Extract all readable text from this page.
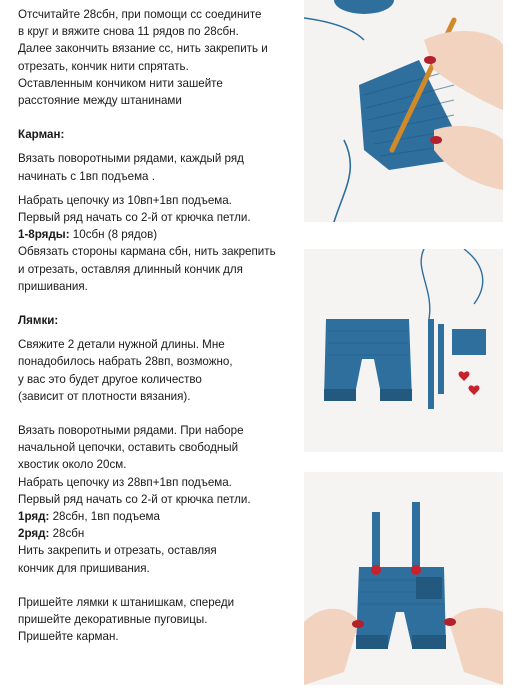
Отсчитайте 28сбн, при помощи сс соедините

в круг и вяжите снова 11 рядов по 28сбн.

Далее закончить вязание сс, нить закрепить и

отрезать, кончик нити спрятать.

Оставленным кончиком нити зашейте

расстояние между штанинами

Карман:

Вязать поворотными рядами, каждый ряд

начинать с 1вп подъема .

Набрать цепочку из 10вп+1вп подъема.

Первый ряд начать со 2-й от крючка петли.

1-8ряды: 10сбн (8 рядов)

Обвязать стороны кармана сбн, нить закрепить

и отрезать, оставляя длинный кончик для

пришивания.

Лямки:

Свяжите 2 детали нужной длины. Мне

понадобилось набрать 28вп, возможно,

у вас это будет другое количество

(зависит от плотности вязания).

Вязать поворотными рядами. При наборе

начальной цепочки, оставить свободный

хвостик около 20см.

Набрать цепочку из 28вп+1вп подъема.

Первый ряд начать со 2-й от крючка петли.

1ряд: 28сбн, 1вп подъема

2ряд: 28сбн

Нить закрепить и отрезать, оставляя

кончик для пришивания.

Пришейте лямки к штанишкам, спереди

пришейте декоративные пуговицы.

Пришейте карман.
